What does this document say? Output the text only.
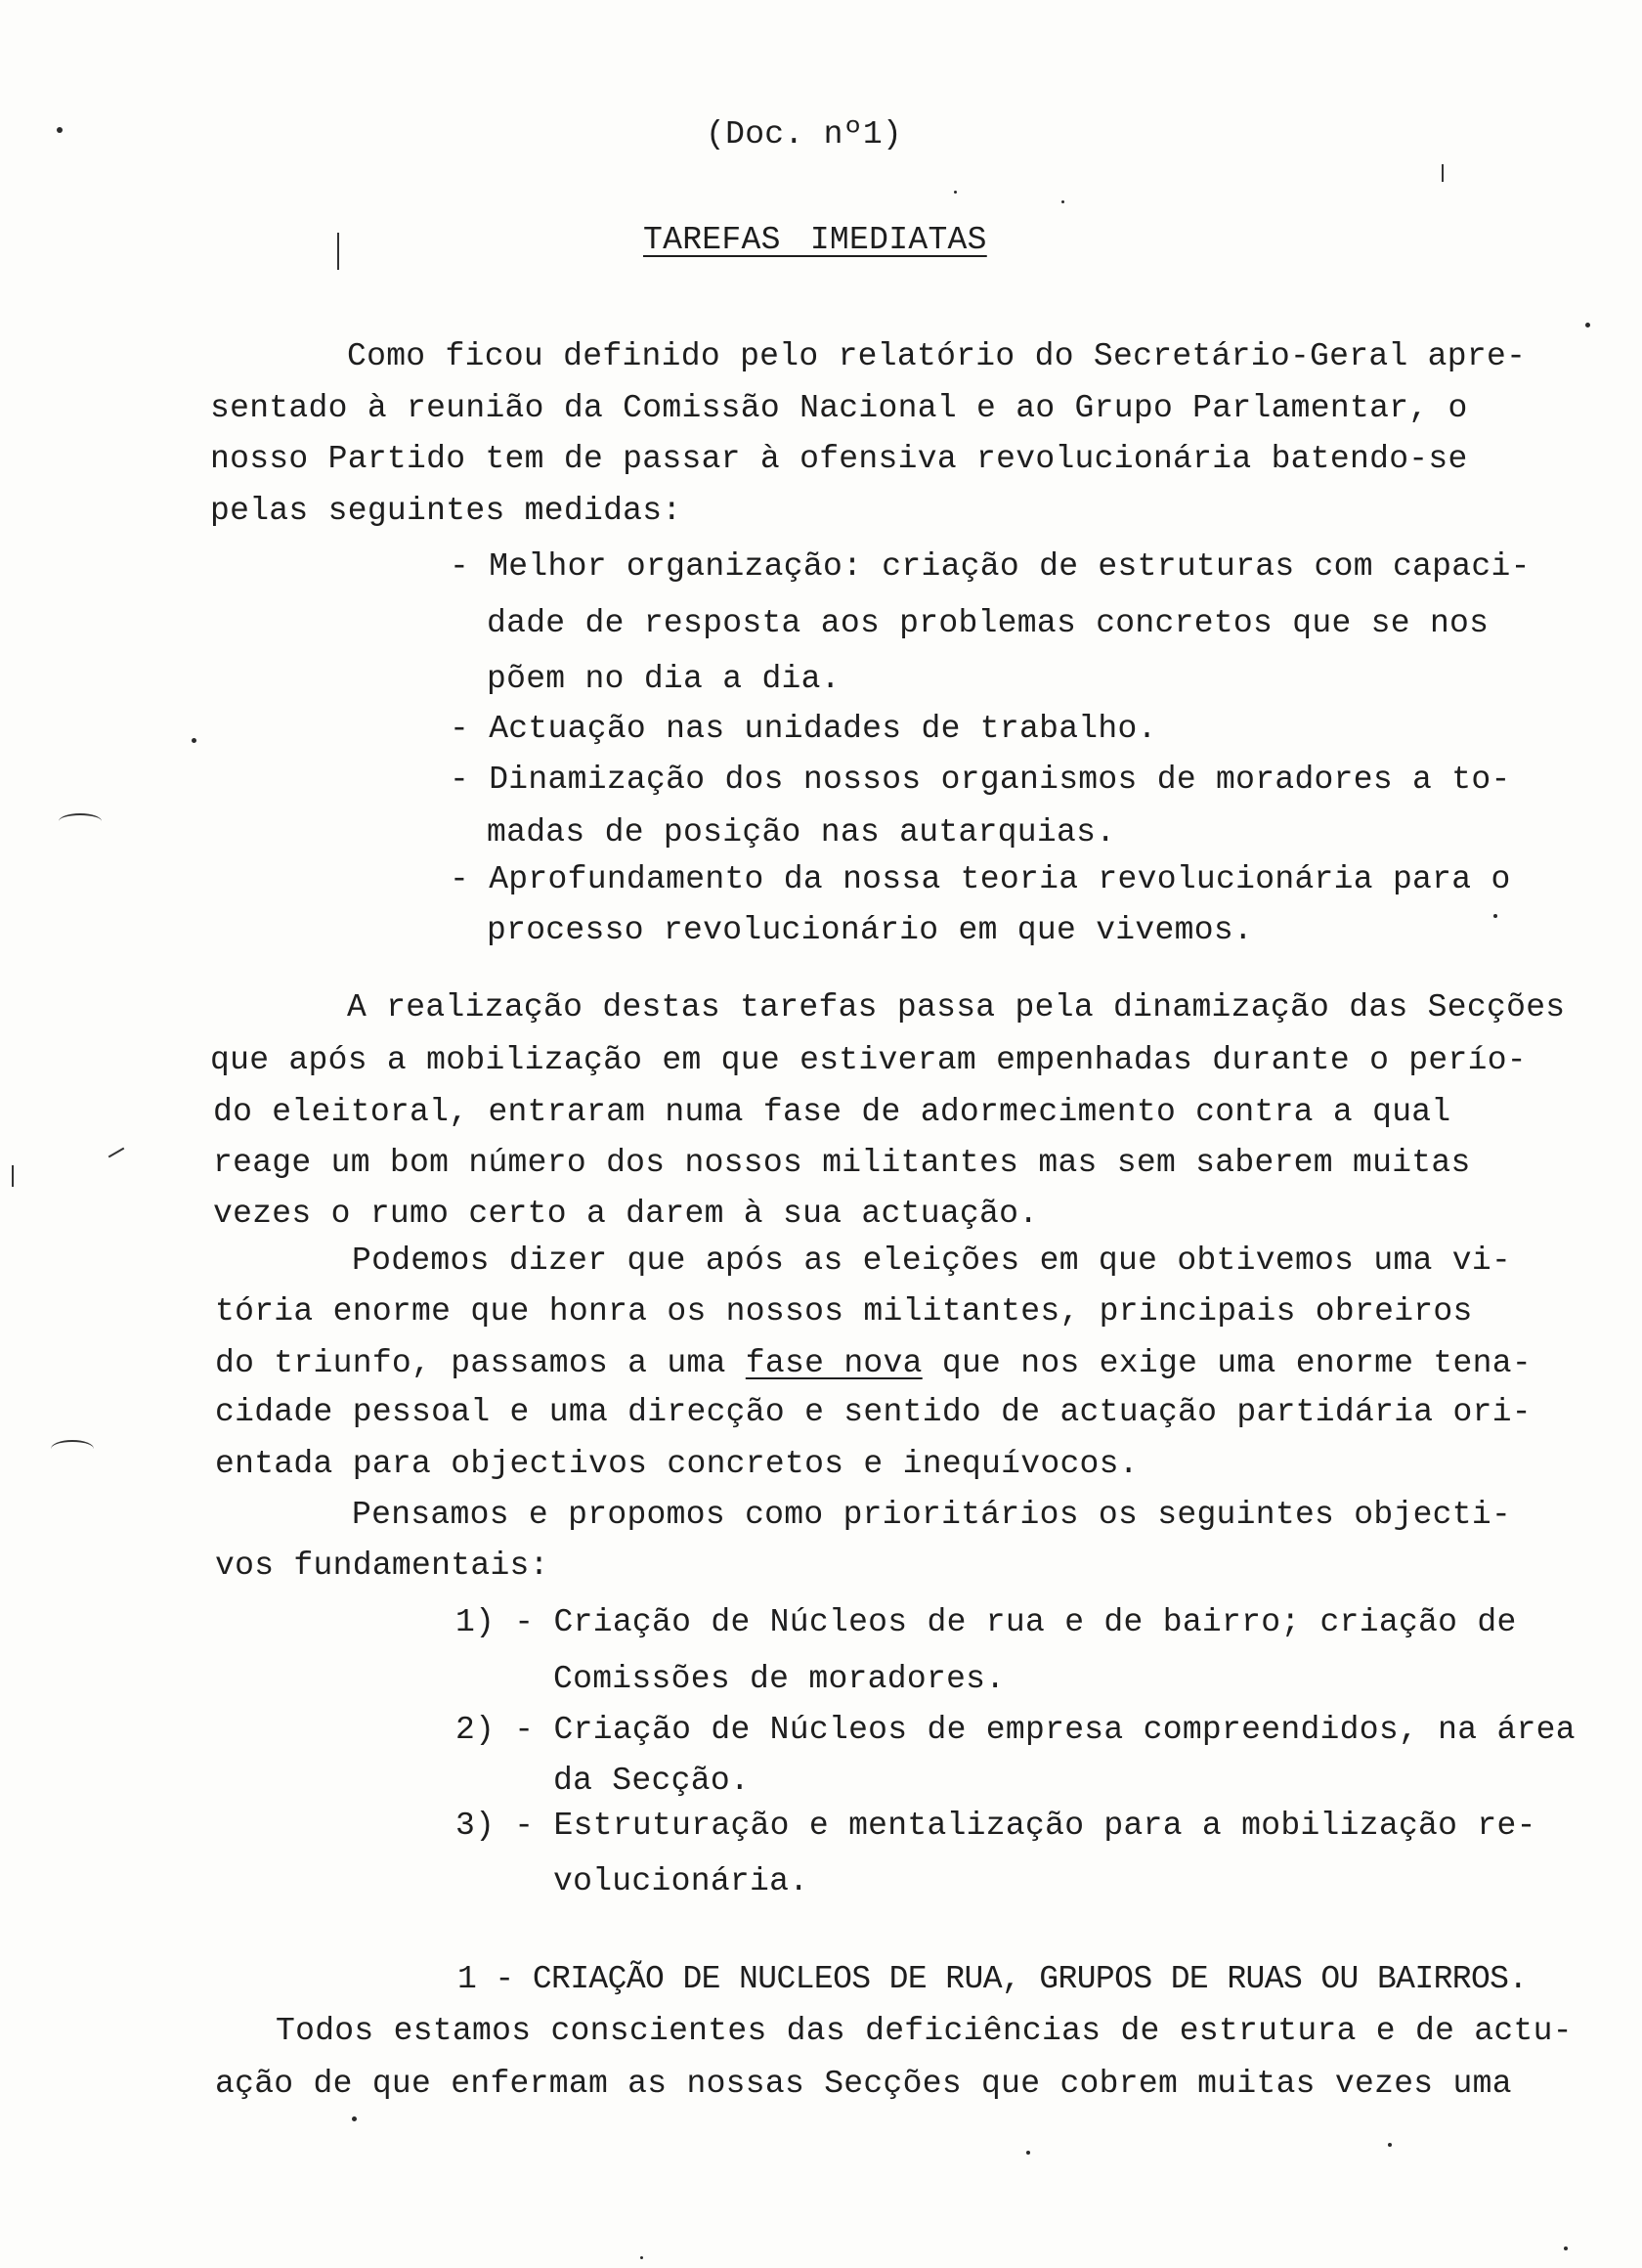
(Doc. nº1)
TAREFAS IMEDIATAS
Como ficou definido pelo relatório do Secretário-Geral apre-
sentado à reunião da Comissão Nacional e ao Grupo Parlamentar, o
nosso Partido tem de passar à ofensiva revolucionária batendo-se
pelas seguintes medidas:
- Melhor organização: criação de estruturas com capaci-
dade de resposta aos problemas concretos que se nos
põem no dia a dia.
- Actuação nas unidades de trabalho.
- Dinamização dos nossos organismos de moradores a to-
madas de posição nas autarquias.
- Aprofundamento da nossa teoria revolucionária para o
processo revolucionário em que vivemos.
A realização destas tarefas passa pela dinamização das Secções
que após a mobilização em que estiveram empenhadas durante o perío-
do eleitoral, entraram numa fase de adormecimento contra a qual
reage um bom número dos nossos militantes mas sem saberem muitas
vezes o rumo certo a darem à sua actuação.
Podemos dizer que após as eleições em que obtivemos uma vi-
tória enorme que honra os nossos militantes, principais obreiros
do triunfo, passamos a uma fase nova que nos exige uma enorme tena-
cidade pessoal e uma direcção e sentido de actuação partidária ori-
entada para objectivos concretos e inequívocos.
Pensamos e propomos como prioritários os seguintes objecti-
vos fundamentais:
1) - Criação de Núcleos de rua e de bairro; criação de
Comissões de moradores.
2) - Criação de Núcleos de empresa compreendidos, na área
da Secção.
3) - Estruturação e mentalização para a mobilização re-
volucionária.
1 - CRIAÇÃO DE NUCLEOS DE RUA, GRUPOS DE RUAS OU BAIRROS.
Todos estamos conscientes das deficiências de estrutura e de actu-
ação de que enfermam as nossas Secções que cobrem muitas vezes uma
